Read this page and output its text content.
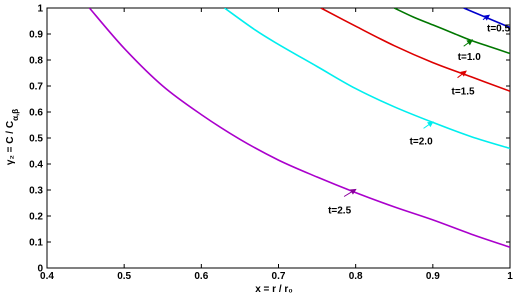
t=0.5
t=1.0
t=1.5
t=2.0
t=2.5
0.4	0.5	0.6	0.7	0.8	0.9	1
0
0.1
0.2
0.3
0.4
0.5
0.6
0.7
0.8
0.9
1
x = r / r₀
$\gamma_2 = C / C_{\alpha,\beta}$
